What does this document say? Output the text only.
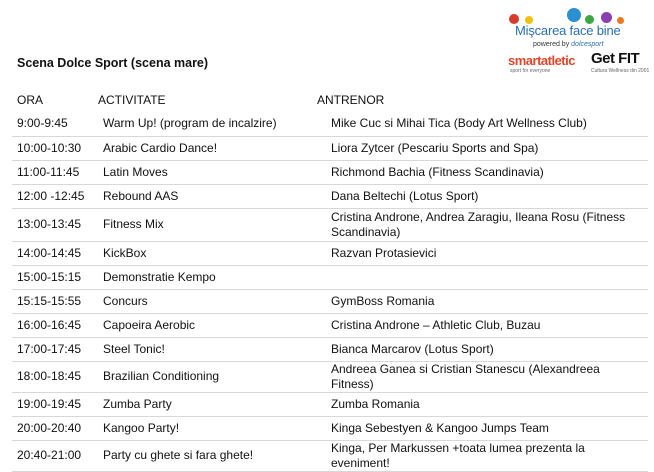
Mişcarea face bine
powered by dolcesport
smartatletic
sport for everyone
Get FIT
Cultura Wellness din 2001
Scena Dolce Sport (scena mare)
ORA	ACTIVITATE	ANTRENOR
9:00-9:45	Warm Up! (program de incalzire)	Mike Cuc si Mihai Tica (Body Art Wellness Club)
10:00-10:30	Arabic Cardio Dance!	Liora Zytcer (Pescariu Sports and Spa)
11:00-11:45	Latin Moves	Richmond Bachia (Fitness Scandinavia)
12:00 -12:45	Rebound AAS	Dana Beltechi (Lotus Sport)
13:00-13:45	Fitness Mix	Cristina Androne, Andrea Zaragiu, Ileana Rosu (Fitness Scandinavia)
14:00-14:45	KickBox	Razvan Protasievici
15:00-15:15	Demonstratie Kempo	
15:15-15:55	Concurs	GymBoss Romania
16:00-16:45	Capoeira Aerobic	Cristina Androne – Athletic Club, Buzau
17:00-17:45	Steel Tonic!	Bianca Marcarov (Lotus Sport)
18:00-18:45	Brazilian Conditioning	Andreea Ganea si Cristian Stanescu (Alexandreea Fitness)
19:00-19:45	Zumba Party	Zumba Romania
20:00-20:40	Kangoo Party!	Kinga Sebestyen & Kangoo Jumps Team
20:40-21:00	Party cu ghete si fara ghete!	Kinga, Per Markussen +toata lumea prezenta la eveniment!
